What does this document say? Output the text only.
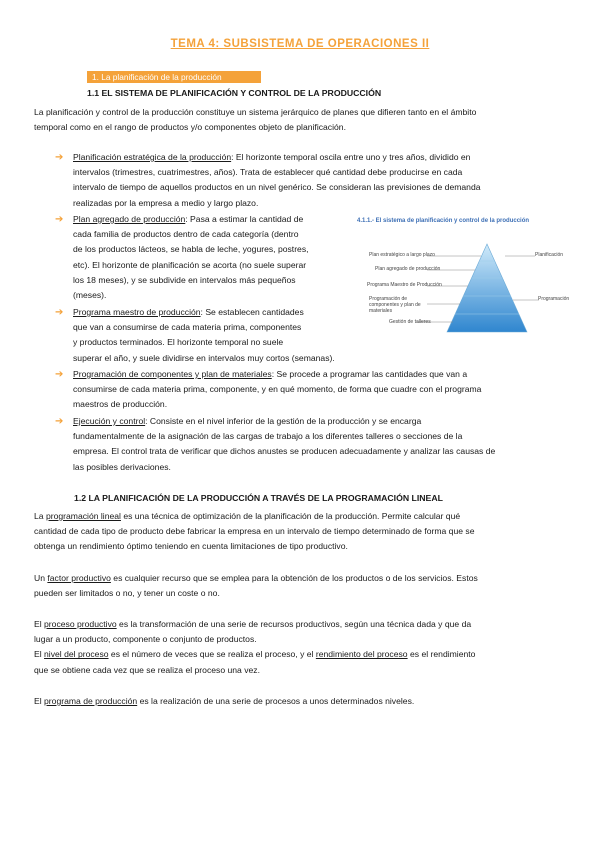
TEMA 4: SUBSISTEMA DE OPERACIONES II
1. La planificación de la producción
1.1 EL SISTEMA DE PLANIFICACIÓN Y CONTROL DE LA PRODUCCIÓN
La planificación y control de la producción constituye un sistema jerárquico de planes que difieren tanto en el ámbito
temporal como en el rango de productos y/o componentes objeto de planificación.
➔ Planificación estratégica de la producción: El horizonte temporal oscila entre uno y tres años, dividido en
intervalos (trimestres, cuatrimestres, años). Trata de establecer qué cantidad debe producirse en cada
intervalo de tiempo de aquellos productos en un nivel genérico. Se consideran las previsiones de demanda
realizadas por la empresa a medio y largo plazo.
➔ Plan agregado de producción: Pasa a estimar la cantidad de
cada familia de productos dentro de cada categoría (dentro
de los productos lácteos, se habla de leche, yogures, postres,
etc). El horizonte de planificación se acorta (no suele superar
los 18 meses), y se subdivide en intervalos más pequeños
(meses).
➔ Programa maestro de producción: Se establecen cantidades
que van a consumirse de cada materia prima, componentes
y productos terminados. El horizonte temporal no suele
superar el año, y suele dividirse en intervalos muy cortos (semanas).
➔ Programación de componentes y plan de materiales: Se procede a programar las cantidades que van a
consumirse de cada materia prima, componente, y en qué momento, de forma que cuadre con el programa
maestros de producción.
➔ Ejecución y control: Consiste en el nivel inferior de la gestión de la producción y se encarga
fundamentalmente de la asignación de las cargas de trabajo a los diferentes talleres o secciones de la
empresa. El control trata de verificar que dichos anustes se producen adecuadamente y analizar las causas de
las posibles derivaciones.
4.1.1.- El sistema de planificación y control de la producción
Plan estratégico a largo plazo
Plan agregado de producción
Programa Maestro de Producción
Programación de componentes y plan de materiales
Gestión de talleres
Planificación
Programación
1.2 LA PLANIFICACIÓN DE LA PRODUCCIÓN A TRAVÉS DE LA PROGRAMACIÓN LINEAL
La programación lineal es una técnica de optimización de la planificación de la producción. Permite calcular qué
cantidad de cada tipo de producto debe fabricar la empresa en un intervalo de tiempo determinado de forma que se
obtenga un rendimiento óptimo teniendo en cuenta limitaciones de tipo productivo.
Un factor productivo es cualquier recurso que se emplea para la obtención de los productos o de los servicios. Estos
pueden ser limitados o no, y tener un coste o no.
El proceso productivo es la transformación de una serie de recursos productivos, según una técnica dada y que da
lugar a un producto, componente o conjunto de productos.
El nivel del proceso es el número de veces que se realiza el proceso, y el rendimiento del proceso es el rendimiento
que se obtiene cada vez que se realiza el proceso una vez.
El programa de producción es la realización de una serie de procesos a unos determinados niveles.
